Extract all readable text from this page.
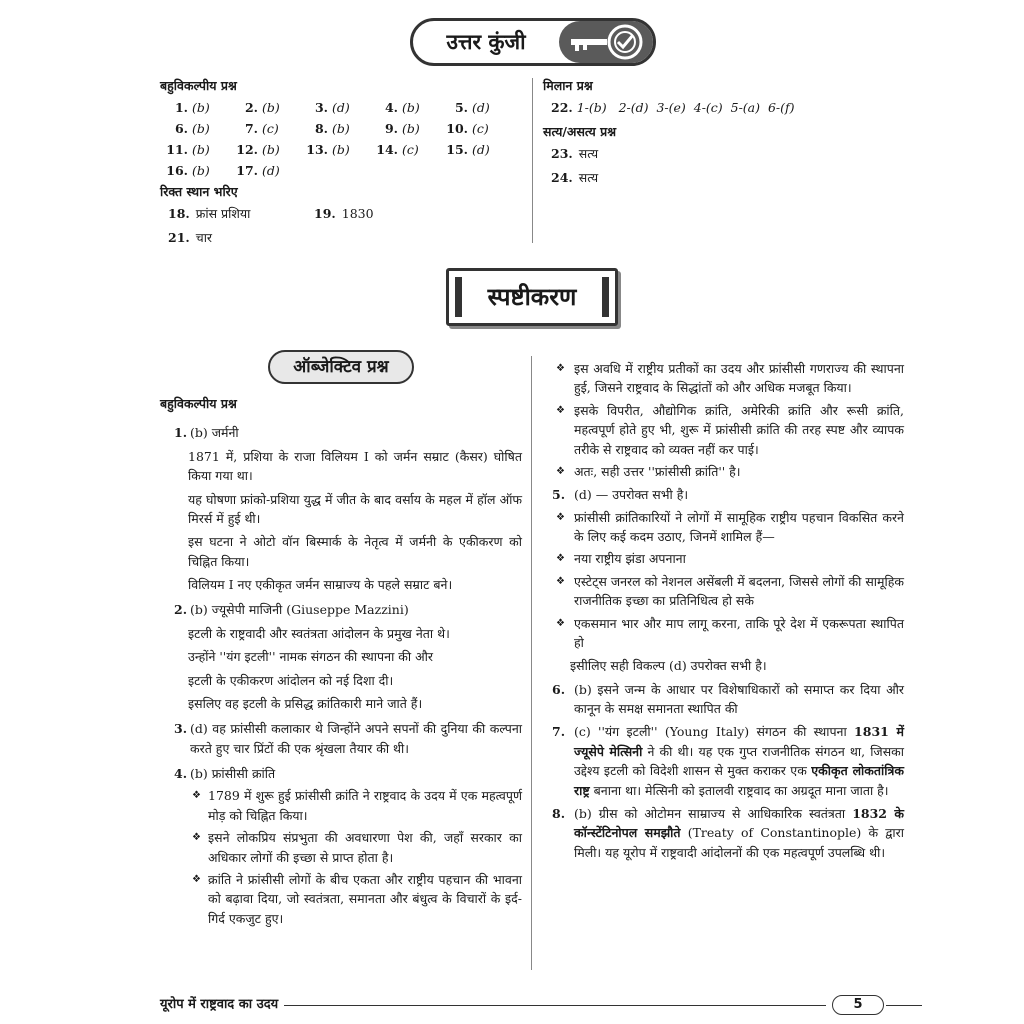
उत्तर कुंजी
बहुविकल्पीय प्रश्न
1. (b)	2. (b)	3. (d)	4. (b)	5. (d)
6. (b)	7. (c)	8. (b)	9. (b)	10. (c)
11. (b)	12. (b)	13. (b)	14. (c)	15. (d)
16. (b)	17. (d)
रिक्त स्थान भरिए
18. फ्रांस प्रशिया	19. 1830
21. चार
मिलान प्रश्न
22. 1-(b)   2-(d)  3-(e)  4-(c)  5-(a)  6-(f)
सत्य/असत्य प्रश्न
23. सत्य
24. सत्य
स्पष्टीकरण
ऑब्जेक्टिव प्रश्न
बहुविकल्पीय प्रश्न
1. (b) जर्मनी
1871 में, प्रशिया के राजा विलियम I को जर्मन सम्राट (कैसर) घोषित किया गया था।
यह घोषणा फ्रांको-प्रशिया युद्ध में जीत के बाद वर्साय के महल में हॉल ऑफ मिरर्स में हुई थी।
इस घटना ने ओटो वॉन बिस्मार्क के नेतृत्व में जर्मनी के एकीकरण को चिह्नित किया।
विलियम I नए एकीकृत जर्मन साम्राज्य के पहले सम्राट बने।
2. (b) ज्यूसेपी माजिनी (Giuseppe Mazzini)
इटली के राष्ट्रवादी और स्वतंत्रता आंदोलन के प्रमुख नेता थे।
उन्होंने ''यंग इटली'' नामक संगठन की स्थापना की और
इटली के एकीकरण आंदोलन को नई दिशा दी।
इसलिए वह इटली के प्रसिद्ध क्रांतिकारी माने जाते हैं।
3. (d) वह फ्रांसीसी कलाकार थे जिन्होंने अपने सपनों की दुनिया की कल्पना करते हुए चार प्रिंटों की एक श्रृंखला तैयार की थी।
4. (b) फ्रांसीसी क्रांति
❖ 1789 में शुरू हुई फ्रांसीसी क्रांति ने राष्ट्रवाद के उदय में एक महत्वपूर्ण मोड़ को चिह्नित किया।
❖ इसने लोकप्रिय संप्रभुता की अवधारणा पेश की, जहाँ सरकार का अधिकार लोगों की इच्छा से प्राप्त होता है।
❖ क्रांति ने फ्रांसीसी लोगों के बीच एकता और राष्ट्रीय पहचान की भावना को बढ़ावा दिया, जो स्वतंत्रता, समानता और बंधुत्व के विचारों के इर्द-गिर्द एकजुट हुए।
❖ इस अवधि में राष्ट्रीय प्रतीकों का उदय और फ्रांसीसी गणराज्य की स्थापना हुई, जिसने राष्ट्रवाद के सिद्धांतों को और अधिक मजबूत किया।
❖ इसके विपरीत, औद्योगिक क्रांति, अमेरिकी क्रांति और रूसी क्रांति, महत्वपूर्ण होते हुए भी, शुरू में फ्रांसीसी क्रांति की तरह स्पष्ट और व्यापक तरीके से राष्ट्रवाद को व्यक्त नहीं कर पाई।
❖ अतः, सही उत्तर ''फ्रांसीसी क्रांति'' है।
5. (d) — उपरोक्त सभी है।
❖ फ्रांसीसी क्रांतिकारियों ने लोगों में सामूहिक राष्ट्रीय पहचान विकसित करने के लिए कई कदम उठाए, जिनमें शामिल हैं—
❖ नया राष्ट्रीय झंडा अपनाना
❖ एस्टेट्स जनरल को नेशनल असेंबली में बदलना, जिससे लोगों की सामूहिक राजनीतिक इच्छा का प्रतिनिधित्व हो सके
❖ एकसमान भार और माप लागू करना, ताकि पूरे देश में एकरूपता स्थापित हो
इसीलिए सही विकल्प (d) उपरोक्त सभी है।
6. (b) इसने जन्म के आधार पर विशेषाधिकारों को समाप्त कर दिया और कानून के समक्ष समानता स्थापित की
7. (c) ''यंग इटली'' (Young Italy) संगठन की स्थापना 1831 में ज्यूसेपे मेत्सिनी ने की थी। यह एक गुप्त राजनीतिक संगठन था, जिसका उद्देश्य इटली को विदेशी शासन से मुक्त कराकर एक एकीकृत लोकतांत्रिक राष्ट्र बनाना था। मेत्सिनी को इतालवी राष्ट्रवाद का अग्रदूत माना जाता है।
8. (b) ग्रीस को ओटोमन साम्राज्य से आधिकारिक स्वतंत्रता 1832 के कॉन्स्टेंटिनोपल समझौते (Treaty of Constantinople) के द्वारा मिली। यह यूरोप में राष्ट्रवादी आंदोलनों की एक महत्वपूर्ण उपलब्धि थी।
यूरोप में राष्ट्रवाद का उदय	5
